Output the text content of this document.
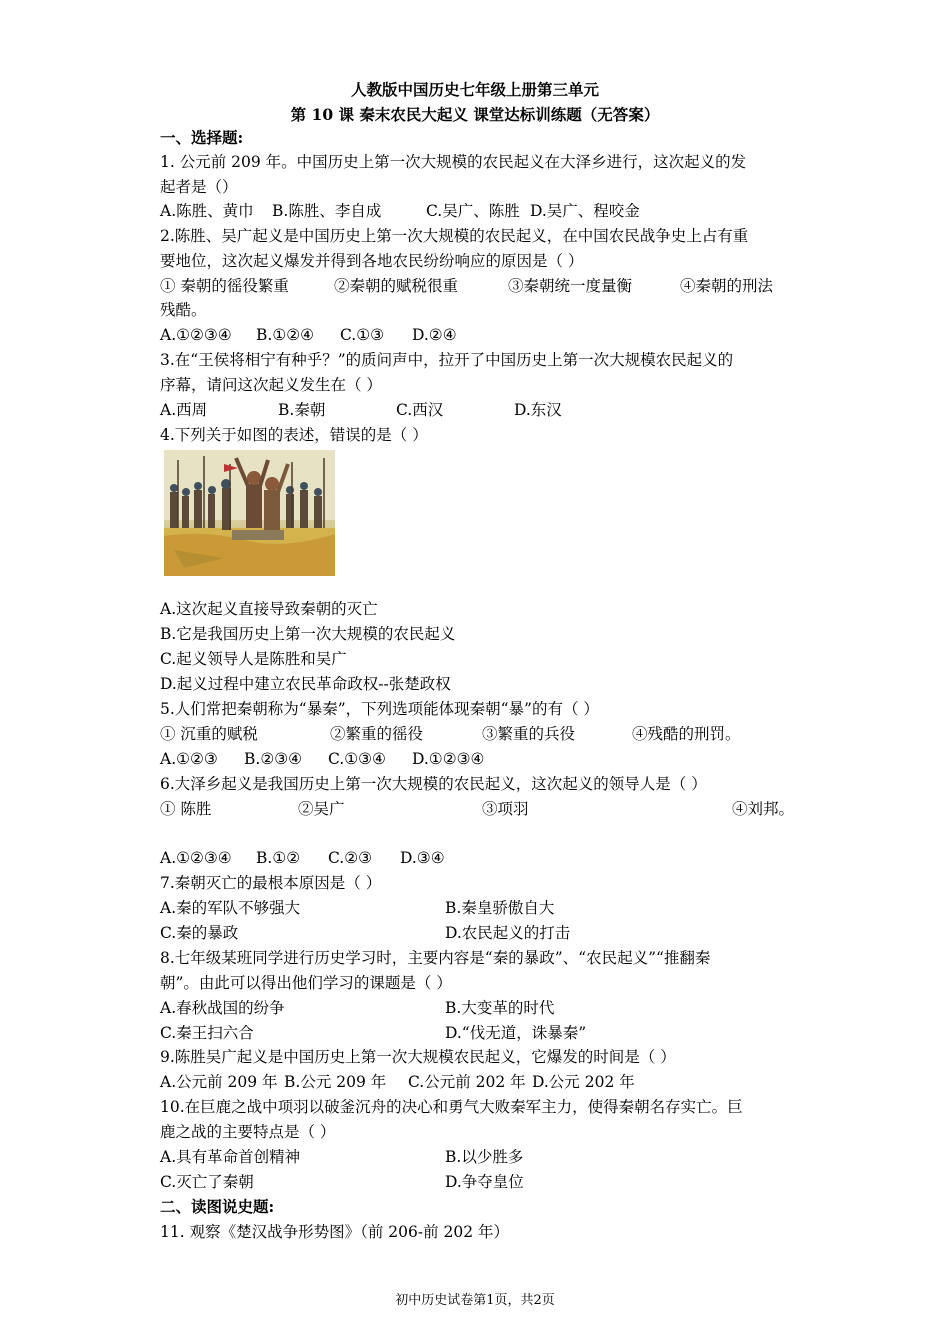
人教版中国历史七年级上册第三单元
第 10 课 秦末农民大起义 课堂达标训练题（无答案）
一、选择题:
1. 公元前 209 年。中国历史上第一次大规模的农民起义在大泽乡进行，这次起义的发
起者是（）
A.陈胜、黄巾 B.陈胜、李自成	C.吴广、陈胜 D.吴广、程咬金
2.陈胜、吴广起义是中国历史上第一次大规模的农民起义，在中国农民战争史上占有重
要地位，这次起义爆发并得到各地农民纷纷响应的原因是（ ）
① 秦朝的徭役繁重	②秦朝的赋税很重	③秦朝统一度量衡	④秦朝的刑法
残酷。
A.①②③④ B.①②④ C.①③ D.②④
3.在“王侯将相宁有种乎？”的质问声中，拉开了中国历史上第一次大规模农民起义的
序幕，请问这次起义发生在（ ）
A.西周	B.秦朝	C.西汉	D.东汉
4.下列关于如图的表述，错误的是（ ）
A.这次起义直接导致秦朝的灭亡
B.它是我国历史上第一次大规模的农民起义
C.起义领导人是陈胜和吴广
D.起义过程中建立农民革命政权--张楚政权
5.人们常把秦朝称为“暴秦”，下列选项能体现秦朝“暴”的有（ ）
① 沉重的赋税	②繁重的徭役	③繁重的兵役	④残酷的刑罚。
A.①②③ B.②③④ C.①③④ D.①②③④
6.大泽乡起义是我国历史上第一次大规模的农民起义，这次起义的领导人是（ ）
① 陈胜	②吴广	③项羽	④刘邦。
A.①②③④ B.①② C.②③ D.③④
7.秦朝灭亡的最根本原因是（ ）
A.秦的军队不够强大	B.秦皇骄傲自大
C.秦的暴政	D.农民起义的打击
8.七年级某班同学进行历史学习时，主要内容是“秦的暴政”、“农民起义”“推翻秦
朝”。由此可以得出他们学习的课题是（ ）
A.春秋战国的纷争	B.大变革的时代
C.秦王扫六合	D.“伐无道，诛暴秦”
9.陈胜吴广起义是中国历史上第一次大规模农民起义，它爆发的时间是（ ）
A.公元前 209 年 B.公元 209 年 C.公元前 202 年 D.公元 202 年
10.在巨鹿之战中项羽以破釜沉舟的决心和勇气大败秦军主力，使得秦朝名存实亡。巨
鹿之战的主要特点是（ ）
A.具有革命首创精神	B.以少胜多
C.灭亡了秦朝	D.争夺皇位
二、读图说史题:
11. 观察《楚汉战争形势图》（前 206-前 202 年）
初中历史试卷第1页，共2页
